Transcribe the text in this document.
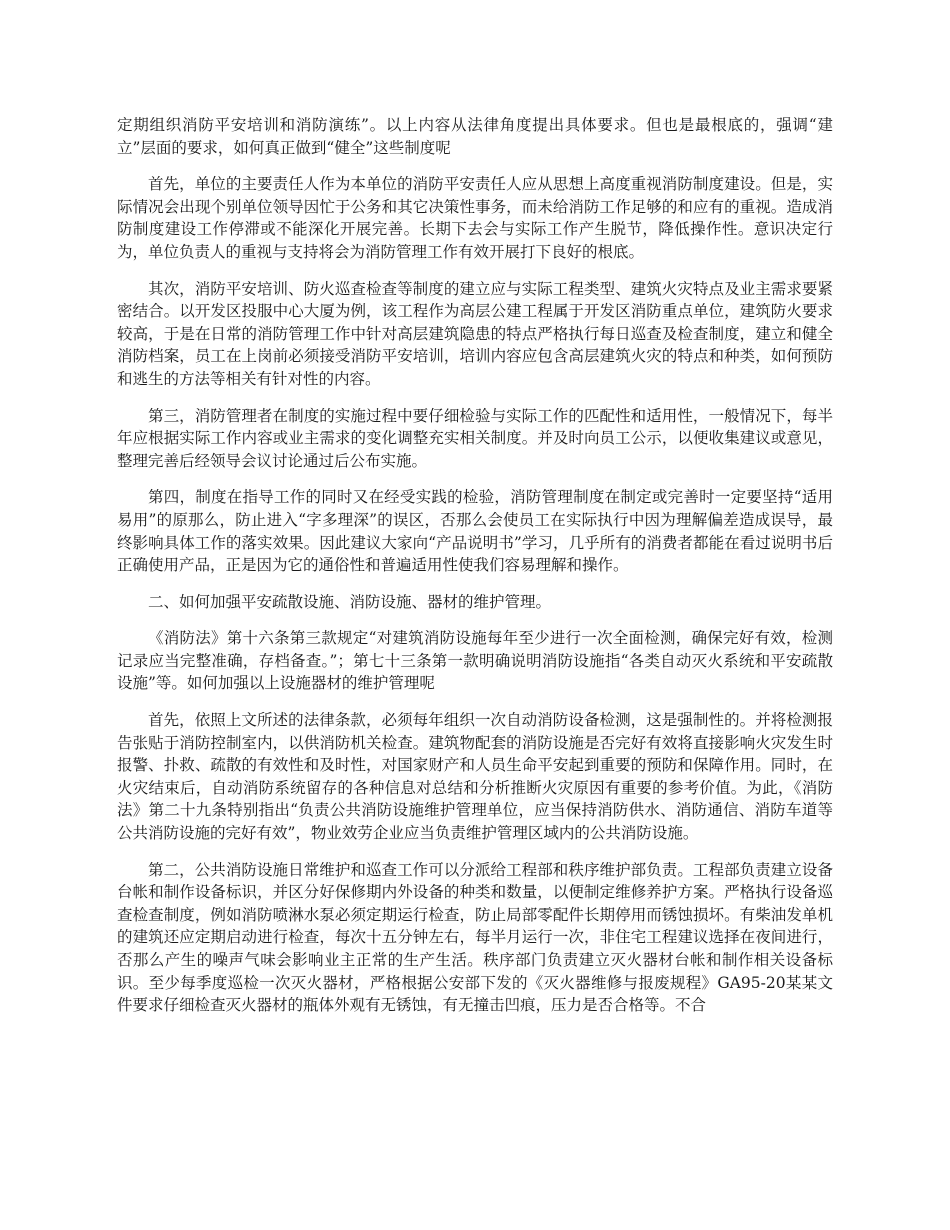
定期组织消防平安培训和消防演练”。以上内容从法律角度提出具体要求。但也是最根底的，强调“建立”层面的要求，如何真正做到“健全”这些制度呢

首先，单位的主要责任人作为本单位的消防平安责任人应从思想上高度重视消防制度建设。但是，实际情况会出现个别单位领导因忙于公务和其它决策性事务，而未给消防工作足够的和应有的重视。造成消防制度建设工作停滞或不能深化开展完善。长期下去会与实际工作产生脱节，降低操作性。意识决定行为，单位负责人的重视与支持将会为消防管理工作有效开展打下良好的根底。

其次，消防平安培训、防火巡查检查等制度的建立应与实际工程类型、建筑火灾特点及业主需求要紧密结合。以开发区投服中心大厦为例，该工程作为高层公建工程属于开发区消防重点单位，建筑防火要求较高，于是在日常的消防管理工作中针对高层建筑隐患的特点严格执行每日巡查及检查制度，建立和健全消防档案，员工在上岗前必须接受消防平安培训，培训内容应包含高层建筑火灾的特点和种类，如何预防和逃生的方法等相关有针对性的内容。

第三，消防管理者在制度的实施过程中要仔细检验与实际工作的匹配性和适用性，一般情况下，每半年应根据实际工作内容或业主需求的变化调整充实相关制度。并及时向员工公示，以便收集建议或意见，整理完善后经领导会议讨论通过后公布实施。

第四，制度在指导工作的同时又在经受实践的检验，消防管理制度在制定或完善时一定要坚持“适用易用”的原那么，防止进入“字多理深”的误区，否那么会使员工在实际执行中因为理解偏差造成误导，最终影响具体工作的落实效果。因此建议大家向“产品说明书”学习，几乎所有的消费者都能在看过说明书后正确使用产品，正是因为它的通俗性和普遍适用性使我们容易理解和操作。

二、如何加强平安疏散设施、消防设施、器材的维护管理。

《消防法》第十六条第三款规定“对建筑消防设施每年至少进行一次全面检测，确保完好有效，检测记录应当完整准确，存档备查。”；第七十三条第一款明确说明消防设施指“各类自动灭火系统和平安疏散设施”等。如何加强以上设施器材的维护管理呢

首先，依照上文所述的法律条款，必须每年组织一次自动消防设备检测，这是强制性的。并将检测报告张贴于消防控制室内，以供消防机关检查。建筑物配套的消防设施是否完好有效将直接影响火灾发生时报警、扑救、疏散的有效性和及时性，对国家财产和人员生命平安起到重要的预防和保障作用。同时，在火灾结束后，自动消防系统留存的各种信息对总结和分析推断火灾原因有重要的参考价值。为此，《消防法》第二十九条特别指出“负责公共消防设施维护管理单位，应当保持消防供水、消防通信、消防车道等公共消防设施的完好有效”，物业效劳企业应当负责维护管理区域内的公共消防设施。

第二，公共消防设施日常维护和巡查工作可以分派给工程部和秩序维护部负责。工程部负责建立设备台帐和制作设备标识，并区分好保修期内外设备的种类和数量，以便制定维修养护方案。严格执行设备巡查检查制度，例如消防喷淋水泵必须定期运行检查，防止局部零配件长期停用而锈蚀损坏。有柴油发单机的建筑还应定期启动进行检查，每次十五分钟左右，每半月运行一次，非住宅工程建议选择在夜间进行，否那么产生的噪声气味会影响业主正常的生产生活。秩序部门负责建立灭火器材台帐和制作相关设备标识。至少每季度巡检一次灭火器材，严格根据公安部下发的《灭火器维修与报废规程》GA95-20某某文件要求仔细检查灭火器材的瓶体外观有无锈蚀，有无撞击凹痕，压力是否合格等。不合
